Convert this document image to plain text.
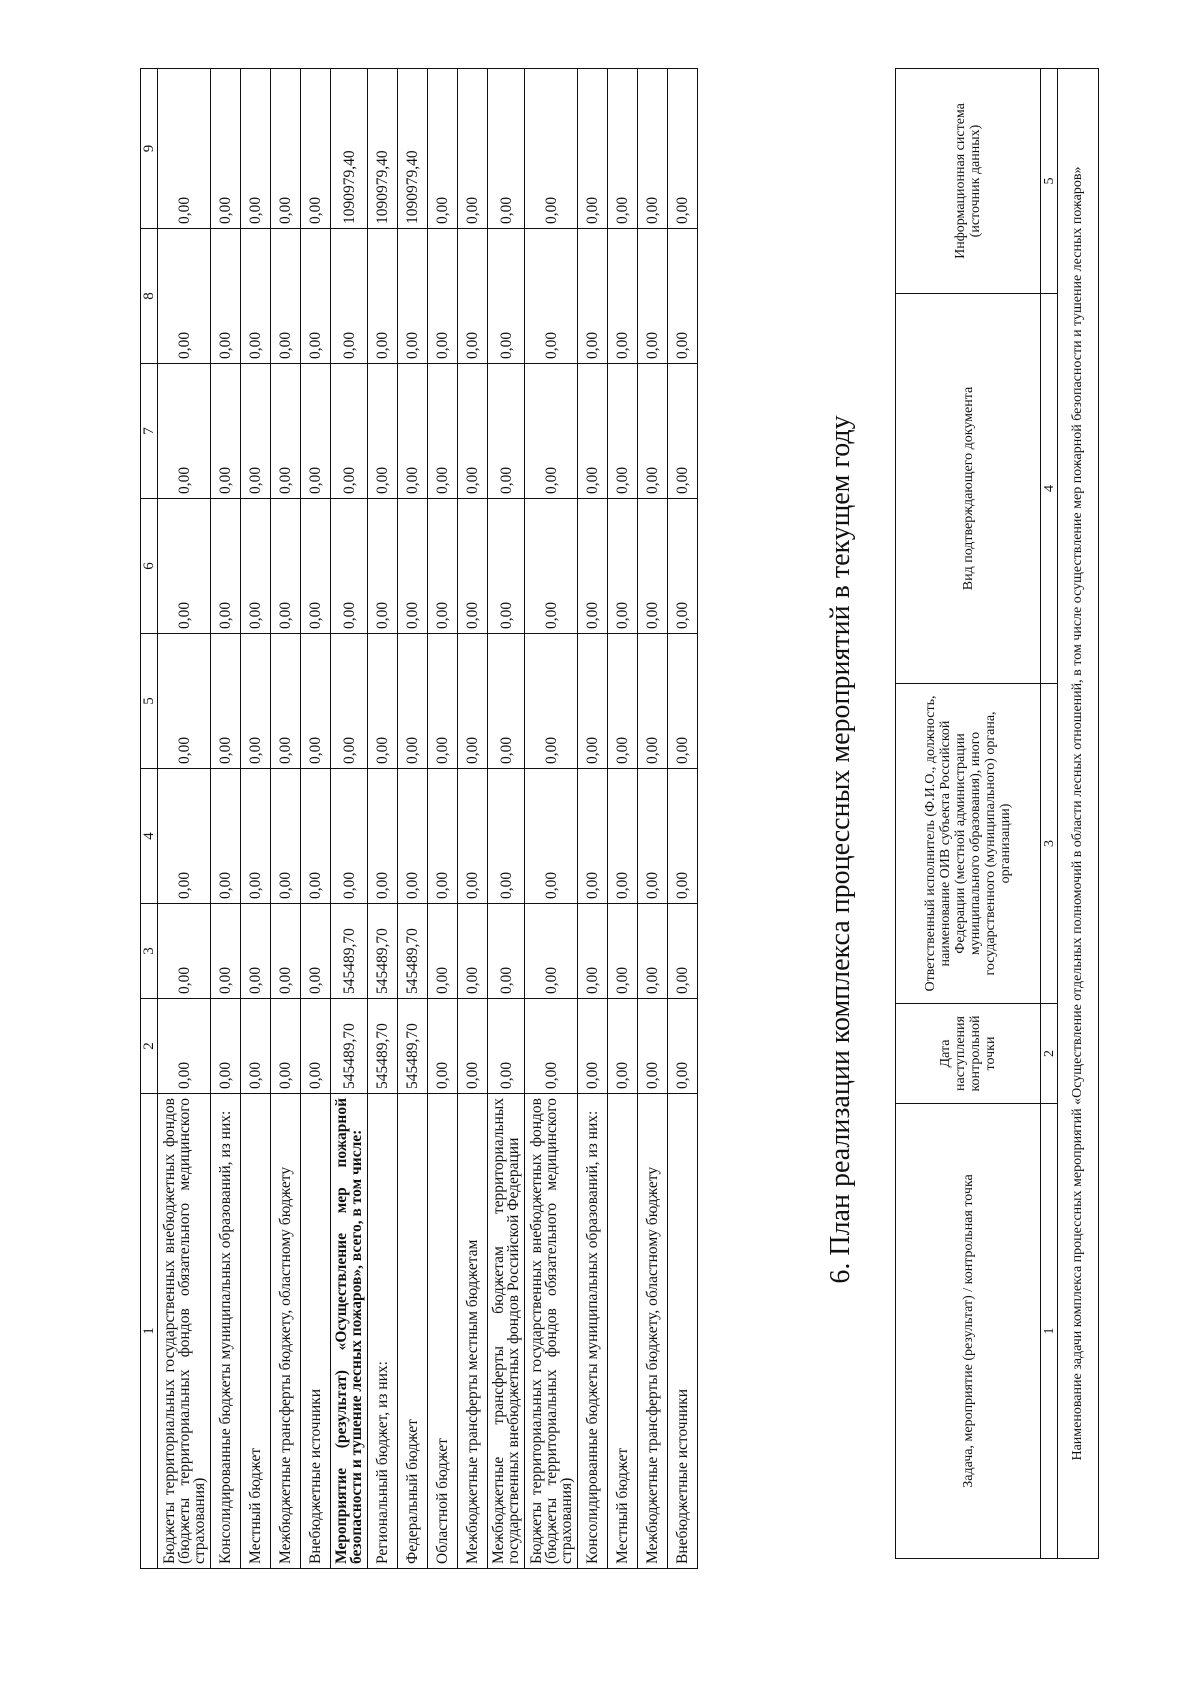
1	2	3	4	5	6	7	8	9
Бюджеты территориальных государственных внебюджетных фондов (бюджеты территориальных фондов обязательного медицинского страхования)	0,00	0,00	0,00	0,00	0,00	0,00	0,00	0,00
Консолидированные бюджеты муниципальных образований, из них:	0,00	0,00	0,00	0,00	0,00	0,00	0,00	0,00
Местный бюджет	0,00	0,00	0,00	0,00	0,00	0,00	0,00	0,00
Межбюджетные трансферты бюджету, областному бюджету	0,00	0,00	0,00	0,00	0,00	0,00	0,00	0,00
Внебюджетные источники	0,00	0,00	0,00	0,00	0,00	0,00	0,00	0,00
Мероприятие (результат) «Осуществление мер пожарной безопасности и тушение лесных пожаров», всего, в том числе:	545489,70	545489,70	0,00	0,00	0,00	0,00	0,00	1090979,40
Региональный бюджет, из них:	545489,70	545489,70	0,00	0,00	0,00	0,00	0,00	1090979,40
Федеральный бюджет	545489,70	545489,70	0,00	0,00	0,00	0,00	0,00	1090979,40
Областной бюджет	0,00	0,00	0,00	0,00	0,00	0,00	0,00	0,00
Межбюджетные трансферты местным бюджетам	0,00	0,00	0,00	0,00	0,00	0,00	0,00	0,00
Межбюджетные трансферты бюджетам территориальных государственных внебюджетных фондов Российской Федерации	0,00	0,00	0,00	0,00	0,00	0,00	0,00	0,00
Бюджеты территориальных государственных внебюджетных фондов (бюджеты территориальных фондов обязательного медицинского страхования)	0,00	0,00	0,00	0,00	0,00	0,00	0,00	0,00
Консолидированные бюджеты муниципальных образований, из них:	0,00	0,00	0,00	0,00	0,00	0,00	0,00	0,00
Местный бюджет	0,00	0,00	0,00	0,00	0,00	0,00	0,00	0,00
Межбюджетные трансферты бюджету, областному бюджету	0,00	0,00	0,00	0,00	0,00	0,00	0,00	0,00
Внебюджетные источники	0,00	0,00	0,00	0,00	0,00	0,00	0,00	0,00
6. План реализации комплекса процессных мероприятий в текущем году
Задача, мероприятие (результат) / контрольная точка	Дата наступления контрольной точки	Ответственный исполнитель (Ф.И.О., должность, наименование ОИВ субъекта Российской Федерации (местной администрации муниципального образования), иного государственного (муниципального) органа, организации)	Вид подтверждающего документа	Информационная система (источник данных)
1	2	3	4	5
Наименование задачи комплекса процессных мероприятий «Осуществление отдельных полномочий в области лесных отношений, в том числе осуществление мер пожарной безопасности и тушение лесных пожаров»				
